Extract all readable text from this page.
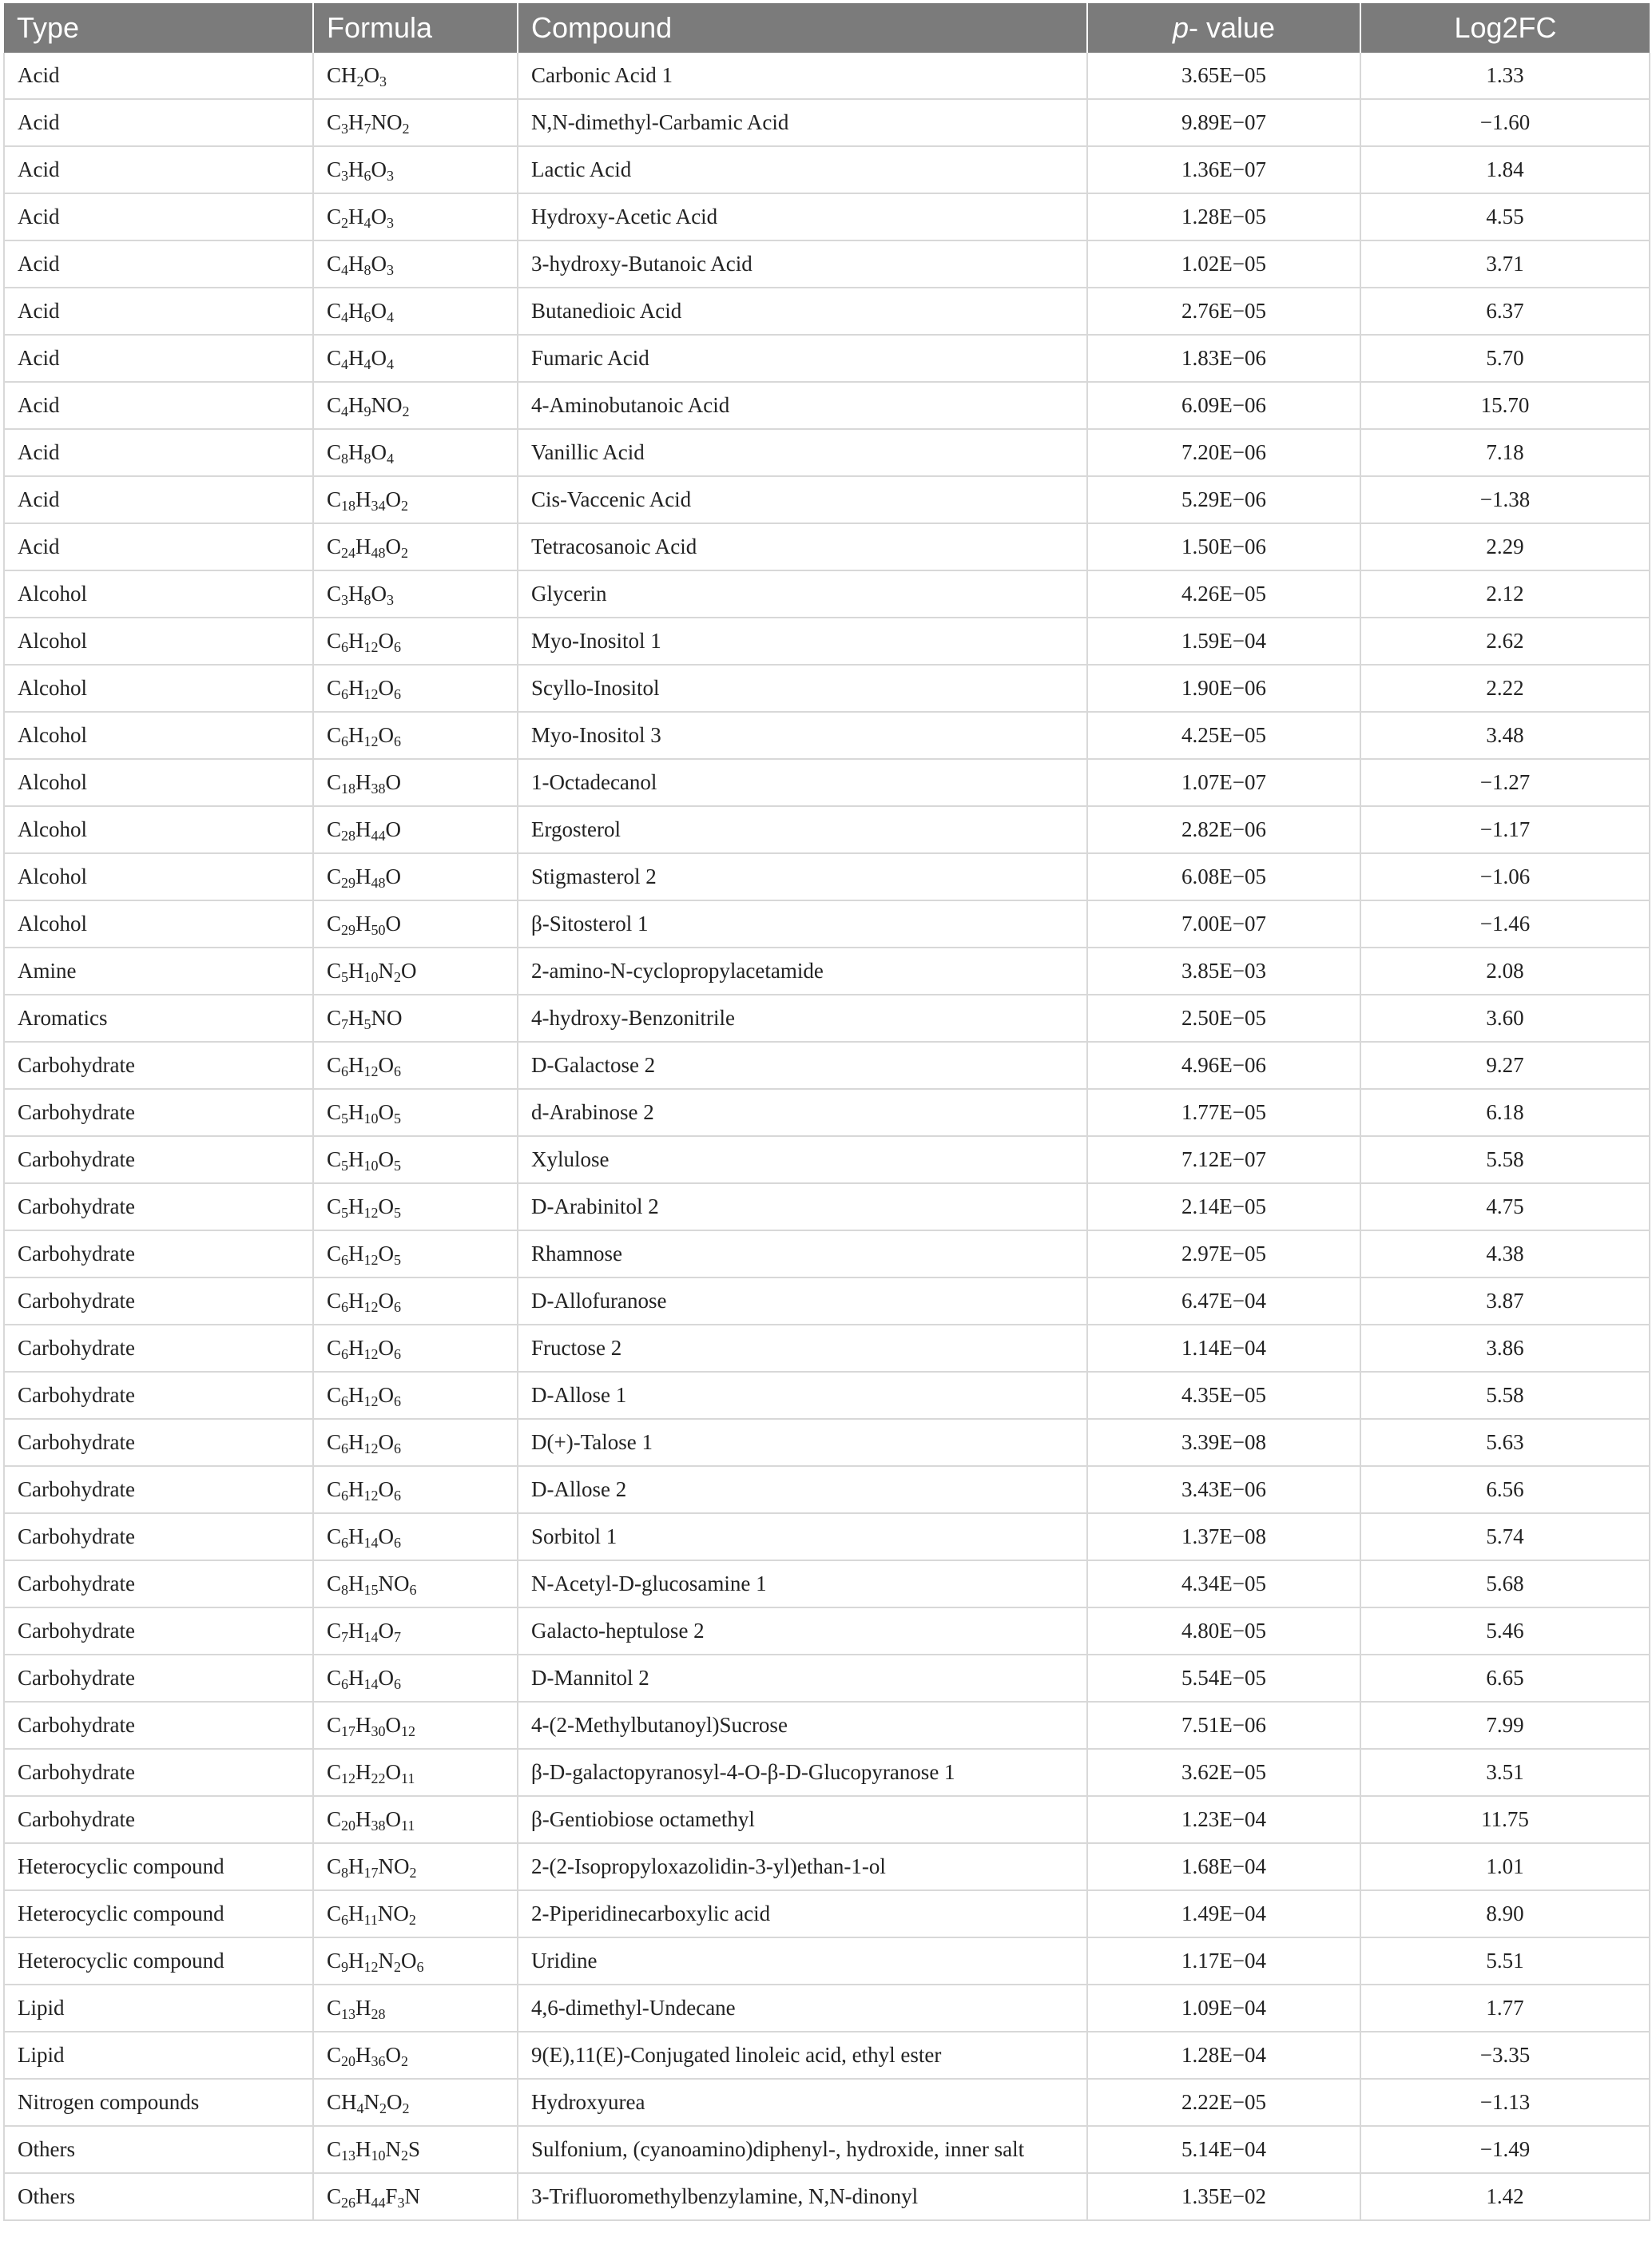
Type	Formula	Compound	p- value	Log2FC
Acid	$CH_2O_3$	Carbonic Acid 1	3.65E−05	1.33
Acid	$C_3H_7NO_2$	N,N-dimethyl-Carbamic Acid	9.89E−07	−1.60
Acid	$C_3H_6O_3$	Lactic Acid	1.36E−07	1.84
Acid	$C_2H_4O_3$	Hydroxy-Acetic Acid	1.28E−05	4.55
Acid	$C_4H_8O_3$	3-hydroxy-Butanoic Acid	1.02E−05	3.71
Acid	$C_4H_6O_4$	Butanedioic Acid	2.76E−05	6.37
Acid	$C_4H_4O_4$	Fumaric Acid	1.83E−06	5.70
Acid	$C_4H_9NO_2$	4-Aminobutanoic Acid	6.09E−06	15.70
Acid	$C_8H_8O_4$	Vanillic Acid	7.20E−06	7.18
Acid	$C_{18}H_{34}O_2$	Cis-Vaccenic Acid	5.29E−06	−1.38
Acid	$C_{24}H_{48}O_2$	Tetracosanoic Acid	1.50E−06	2.29
Alcohol	$C_3H_8O_3$	Glycerin	4.26E−05	2.12
Alcohol	$C_6H_{12}O_6$	Myo-Inositol 1	1.59E−04	2.62
Alcohol	$C_6H_{12}O_6$	Scyllo-Inositol	1.90E−06	2.22
Alcohol	$C_6H_{12}O_6$	Myo-Inositol 3	4.25E−05	3.48
Alcohol	$C_{18}H_{38}O$	1-Octadecanol	1.07E−07	−1.27
Alcohol	$C_{28}H_{44}O$	Ergosterol	2.82E−06	−1.17
Alcohol	$C_{29}H_{48}O$	Stigmasterol 2	6.08E−05	−1.06
Alcohol	$C_{29}H_{50}O$	β-Sitosterol 1	7.00E−07	−1.46
Amine	$C_5H_{10}N_2O$	2-amino-N-cyclopropylacetamide	3.85E−03	2.08
Aromatics	$C_7H_5NO$	4-hydroxy-Benzonitrile	2.50E−05	3.60
Carbohydrate	$C_6H_{12}O_6$	D-Galactose 2	4.96E−06	9.27
Carbohydrate	$C_5H_{10}O_5$	d-Arabinose 2	1.77E−05	6.18
Carbohydrate	$C_5H_{10}O_5$	Xylulose	7.12E−07	5.58
Carbohydrate	$C_5H_{12}O_5$	D-Arabinitol 2	2.14E−05	4.75
Carbohydrate	$C_6H_{12}O_5$	Rhamnose	2.97E−05	4.38
Carbohydrate	$C_6H_{12}O_6$	D-Allofuranose	6.47E−04	3.87
Carbohydrate	$C_6H_{12}O_6$	Fructose 2	1.14E−04	3.86
Carbohydrate	$C_6H_{12}O_6$	D-Allose 1	4.35E−05	5.58
Carbohydrate	$C_6H_{12}O_6$	D(+)-Talose 1	3.39E−08	5.63
Carbohydrate	$C_6H_{12}O_6$	D-Allose 2	3.43E−06	6.56
Carbohydrate	$C_6H_{14}O_6$	Sorbitol 1	1.37E−08	5.74
Carbohydrate	$C_8H_{15}NO_6$	N-Acetyl-D-glucosamine 1	4.34E−05	5.68
Carbohydrate	$C_7H_{14}O_7$	Galacto-heptulose 2	4.80E−05	5.46
Carbohydrate	$C_6H_{14}O_6$	D-Mannitol 2	5.54E−05	6.65
Carbohydrate	$C_{17}H_{30}O_{12}$	4-(2-Methylbutanoyl)Sucrose	7.51E−06	7.99
Carbohydrate	$C_{12}H_{22}O_{11}$	β-D-galactopyranosyl-4-O-β-D-Glucopyranose 1	3.62E−05	3.51
Carbohydrate	$C_{20}H_{38}O_{11}$	β-Gentiobiose octamethyl	1.23E−04	11.75
Heterocyclic compound	$C_8H_{17}NO_2$	2-(2-Isopropyloxazolidin-3-yl)ethan-1-ol	1.68E−04	1.01
Heterocyclic compound	$C_6H_{11}NO_2$	2-Piperidinecarboxylic acid	1.49E−04	8.90
Heterocyclic compound	$C_9H_{12}N_2O_6$	Uridine	1.17E−04	5.51
Lipid	$C_{13}H_{28}$	4,6-dimethyl-Undecane	1.09E−04	1.77
Lipid	$C_{20}H_{36}O_2$	9(E),11(E)-Conjugated linoleic acid, ethyl ester	1.28E−04	−3.35
Nitrogen compounds	$CH_4N_2O_2$	Hydroxyurea	2.22E−05	−1.13
Others	$C_{13}H_{10}N_2S$	Sulfonium, (cyanoamino)diphenyl-, hydroxide, inner salt	5.14E−04	−1.49
Others	$C_{26}H_{44}F_3N$	3-Trifluoromethylbenzylamine, N,N-dinonyl	1.35E−02	1.42
